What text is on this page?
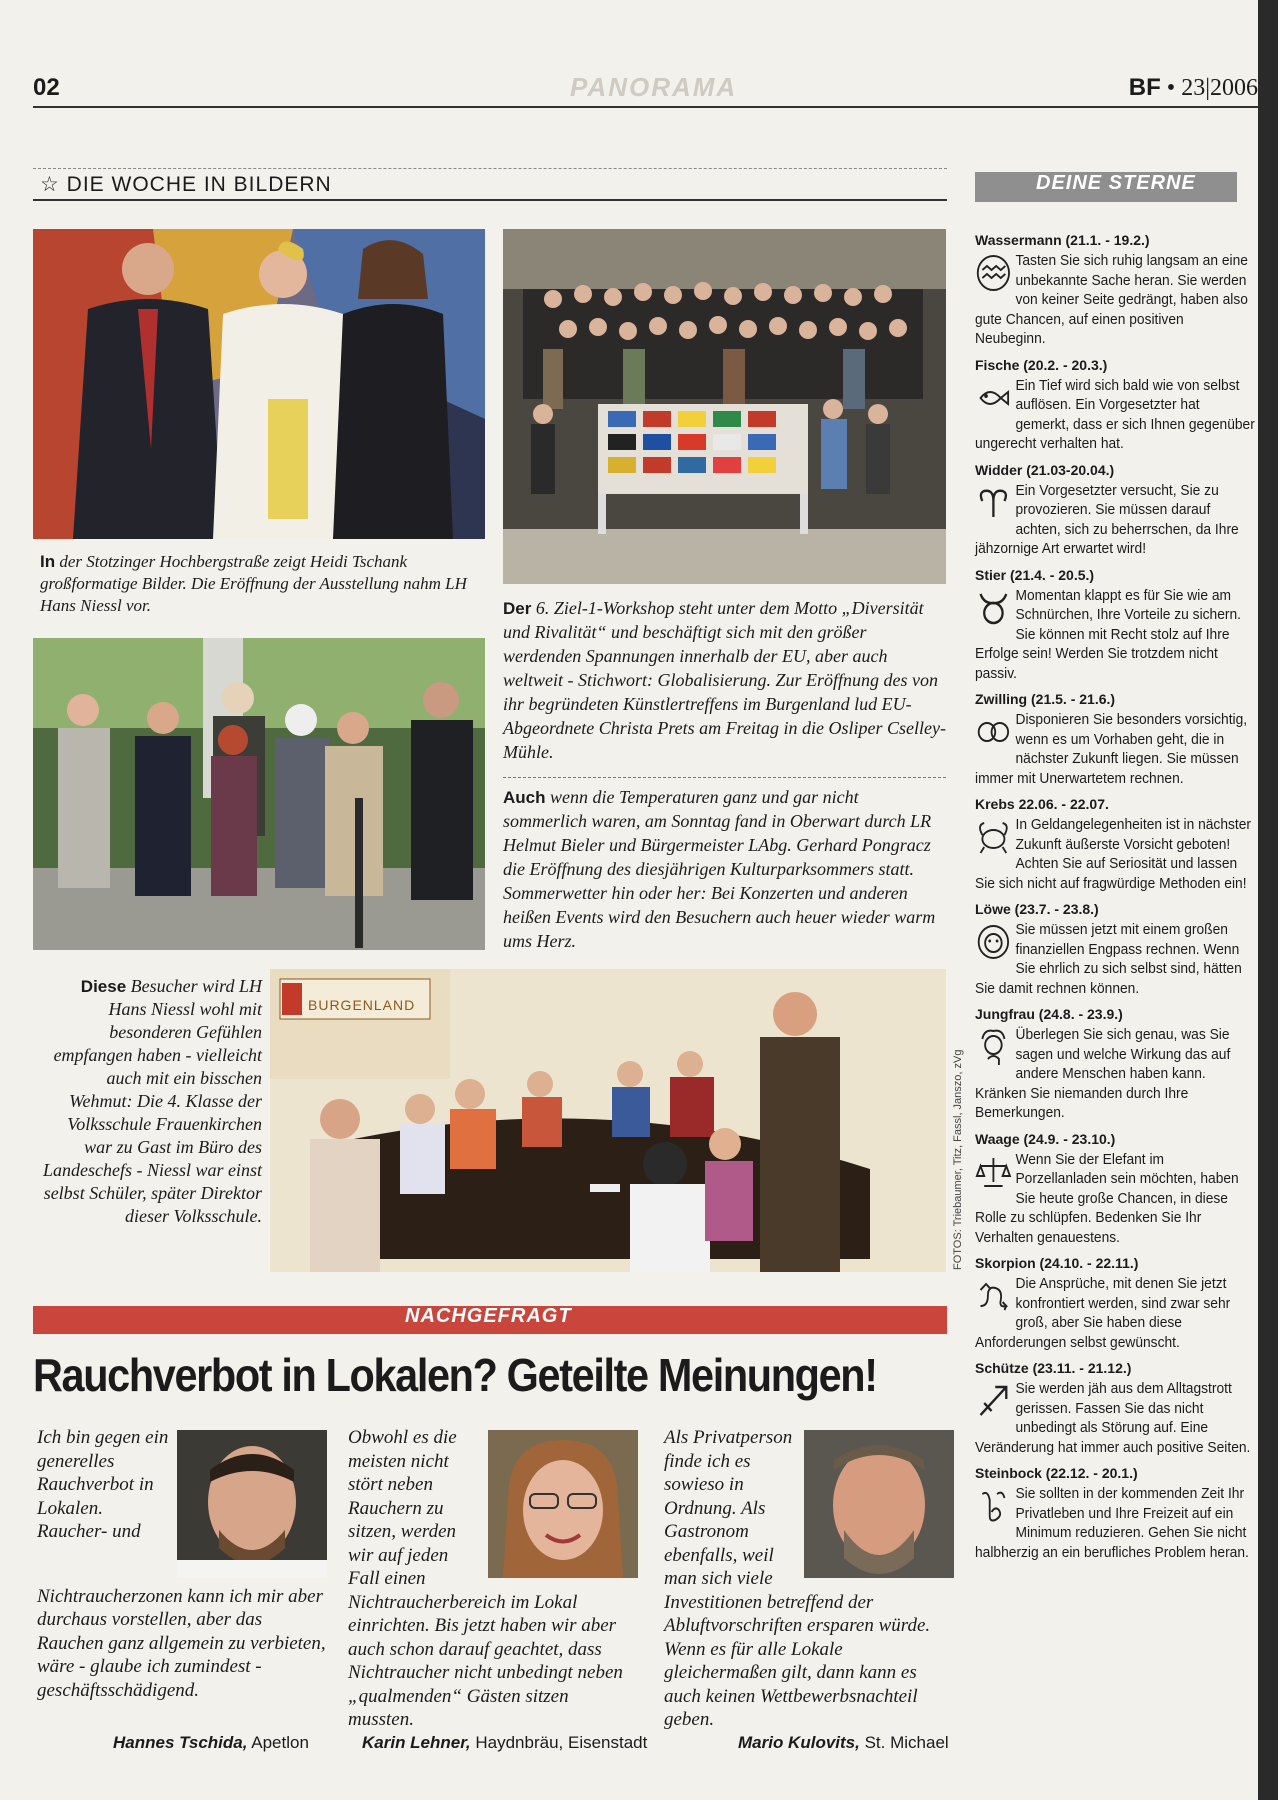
02	PANORAMA	BF • 23|2006
☆ DIE WOCHE IN BILDERN
BURGENLAND
FOTOS: Triebaumer, Titz, Fassl, Janszo, zVg
In der Stotzinger Hochbergstraße zeigt Heidi Tschank großformatige Bilder. Die Eröffnung der Ausstellung nahm LH Hans Niessl vor.	Der 6. Ziel-1-Workshop steht unter dem Motto „Diversität und Rivalität“ und beschäftigt sich mit den größer werdenden Spannungen innerhalb der EU, aber auch weltweit - Stichwort: Globalisierung. Zur Eröffnung des von ihr begründeten Künstlertreffens im Burgenland lud EU-Abgeordnete Christa Prets am Freitag in die Osliper Cselley-Mühle.
Auch wenn die Temperaturen ganz und gar nicht sommerlich waren, am Sonntag fand in Oberwart durch LR Helmut Bieler und Bürgermeister LAbg. Gerhard Pongracz die Eröffnung des diesjährigen Kulturparksommers statt. Sommerwetter hin oder her: Bei Konzerten und anderen heißen Events wird den Besuchern auch heuer wieder warm ums Herz.
Diese Besucher wird LH Hans Niessl wohl mit besonderen Gefühlen empfangen haben - vielleicht auch mit ein bisschen Wehmut: Die 4. Klasse der Volksschule Frauenkirchen war zu Gast im Büro des Landeschefs - Niessl war einst selbst Schüler, später Direktor dieser Volksschule.
NACHGEFRAGT
Rauchverbot in Lokalen? Geteilte Meinungen!
Ich bin gegen ein generelles Rauchverbot in Lokalen. Raucher- und Nichtraucherzonen kann ich mir aber durchaus vorstellen, aber das Rauchen ganz allgemein zu verbieten, wäre - glaube ich zumindest - geschäftsschädigend.
Obwohl es die meisten nicht stört neben Rauchern zu sitzen, werden wir auf jeden Fall einen Nichtraucherbereich im Lokal einrichten. Bis jetzt haben wir aber auch schon darauf geachtet, dass Nichtraucher nicht unbedingt neben „qualmenden“ Gästen sitzen mussten.
Als Privatperson finde ich es sowieso in Ordnung. Als Gastronom ebenfalls, weil man sich viele Investitionen betreffend der Abluftvorschriften ersparen würde. Wenn es für alle Lokale gleichermaßen gilt, dann kann es auch keinen Wettbewerbsnachteil geben.
Hannes Tschida, Apetlon	Karin Lehner, Haydnbräu, Eisenstadt	Mario Kulovits, St. Michael
DEINE STERNE
Wassermann (21.1. - 19.2.)
Tasten Sie sich ruhig langsam an eine unbekannte Sache heran. Sie werden von keiner Seite gedrängt, haben also gute Chancen, auf einen positiven Neubeginn.
Fische (20.2. - 20.3.)
Ein Tief wird sich bald wie von selbst auflösen. Ein Vorgesetzter hat gemerkt, dass er sich Ihnen gegenüber ungerecht verhalten hat.
Widder (21.03-20.04.)
Ein Vorgesetzter versucht, Sie zu provozieren. Sie müssen darauf achten, sich zu beherrschen, da Ihre jähzornige Art erwartet wird!
Stier (21.4. - 20.5.)
Momentan klappt es für Sie wie am Schnürchen, Ihre Vorteile zu sichern. Sie können mit Recht stolz auf Ihre Erfolge sein! Werden Sie trotzdem nicht passiv.
Zwilling (21.5. - 21.6.)
Disponieren Sie besonders vorsichtig, wenn es um Vorhaben geht, die in nächster Zukunft liegen. Sie müssen immer mit Unerwartetem rechnen.
Krebs 22.06. - 22.07.
In Geldangelegenheiten ist in nächster Zukunft äußerste Vorsicht geboten! Achten Sie auf Seriosität und lassen Sie sich nicht auf fragwürdige Methoden ein!
Löwe (23.7. - 23.8.)
Sie müssen jetzt mit einem großen finanziellen Engpass rechnen. Wenn Sie ehrlich zu sich selbst sind, hätten Sie damit rechnen können.
Jungfrau (24.8. - 23.9.)
Überlegen Sie sich genau, was Sie sagen und welche Wirkung das auf andere Menschen haben kann. Kränken Sie niemanden durch Ihre Bemerkungen.
Waage (24.9. - 23.10.)
Wenn Sie der Elefant im Porzellanladen sein möchten, haben Sie heute große Chancen, in diese Rolle zu schlüpfen. Bedenken Sie Ihr Verhalten genauestens.
Skorpion (24.10. - 22.11.)
Die Ansprüche, mit denen Sie jetzt konfrontiert werden, sind zwar sehr groß, aber Sie haben diese Anforderungen selbst gewünscht.
Schütze (23.11. - 21.12.)
Sie werden jäh aus dem Alltagstrott gerissen. Fassen Sie das nicht unbedingt als Störung auf. Eine Veränderung hat immer auch positive Seiten.
Steinbock (22.12. - 20.1.)
Sie sollten in der kommenden Zeit Ihr Privatleben und Ihre Freizeit auf ein Minimum reduzieren. Gehen Sie nicht halbherzig an ein berufliches Problem heran.
